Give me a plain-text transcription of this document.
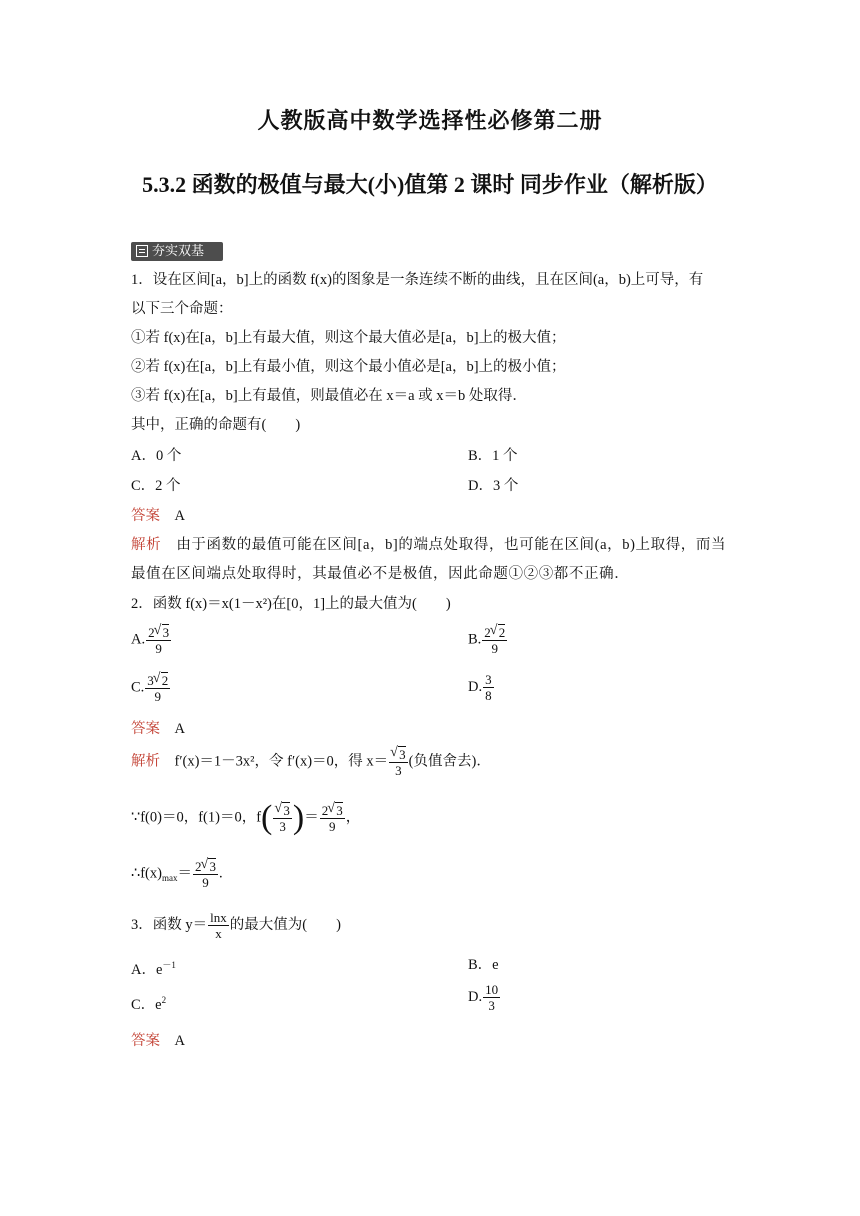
人教版高中数学选择性必修第二册
5.3.2 函数的极值与最大(小)值第 2 课时 同步作业（解析版）
夯实双基
1．设在区间[a，b]上的函数 f(x)的图象是一条连续不断的曲线，且在区间(a，b)上可导，有
以下三个命题：
①若 f(x)在[a，b]上有最大值，则这个最大值必是[a，b]上的极大值；
②若 f(x)在[a，b]上有最小值，则这个最小值必是[a，b]上的极小值；
③若 f(x)在[a，b]上有最值，则最值必在 x＝a 或 x＝b 处取得．
其中，正确的命题有(　　)
A．0 个	B．1 个
C．2 个	D．3 个
答案　 A
解析　 由于函数的最值可能在区间[a，b]的端点处取得，也可能在区间(a，b)上取得，而当
最值在区间端点处取得时，其最值必不是极值，因此命题①②③都不正确．
2．函数 f(x)＝x(1－x²)在[0，1]上的最大值为(　　)
A. $\frac{2 √ 3}{9}$	B. $\frac{2 √ 2}{9}$
C. $\frac{3 √ 2}{9}$	D. $\frac{3}{8}$
答案　 A
解析　 f′(x)＝1－3x²，令 f′(x)＝0，得 x＝ √ $\frac{3}{3}$ (负值舍去)．
∵f(0)＝0，f(1)＝0，f( √ $\frac{3}{3}$ )＝ $\frac{2 √ 3}{9}$ ，
$\therefore f(x)_{max}= \frac{2 √ 3}{9}$ .
3．函数 $y= \frac{\ln x}{x}$ 的最大值为(　　)
A．$e^{-1}$	B．e
C．$e^2$	D. $\frac{10}{3}$
答案　 A
